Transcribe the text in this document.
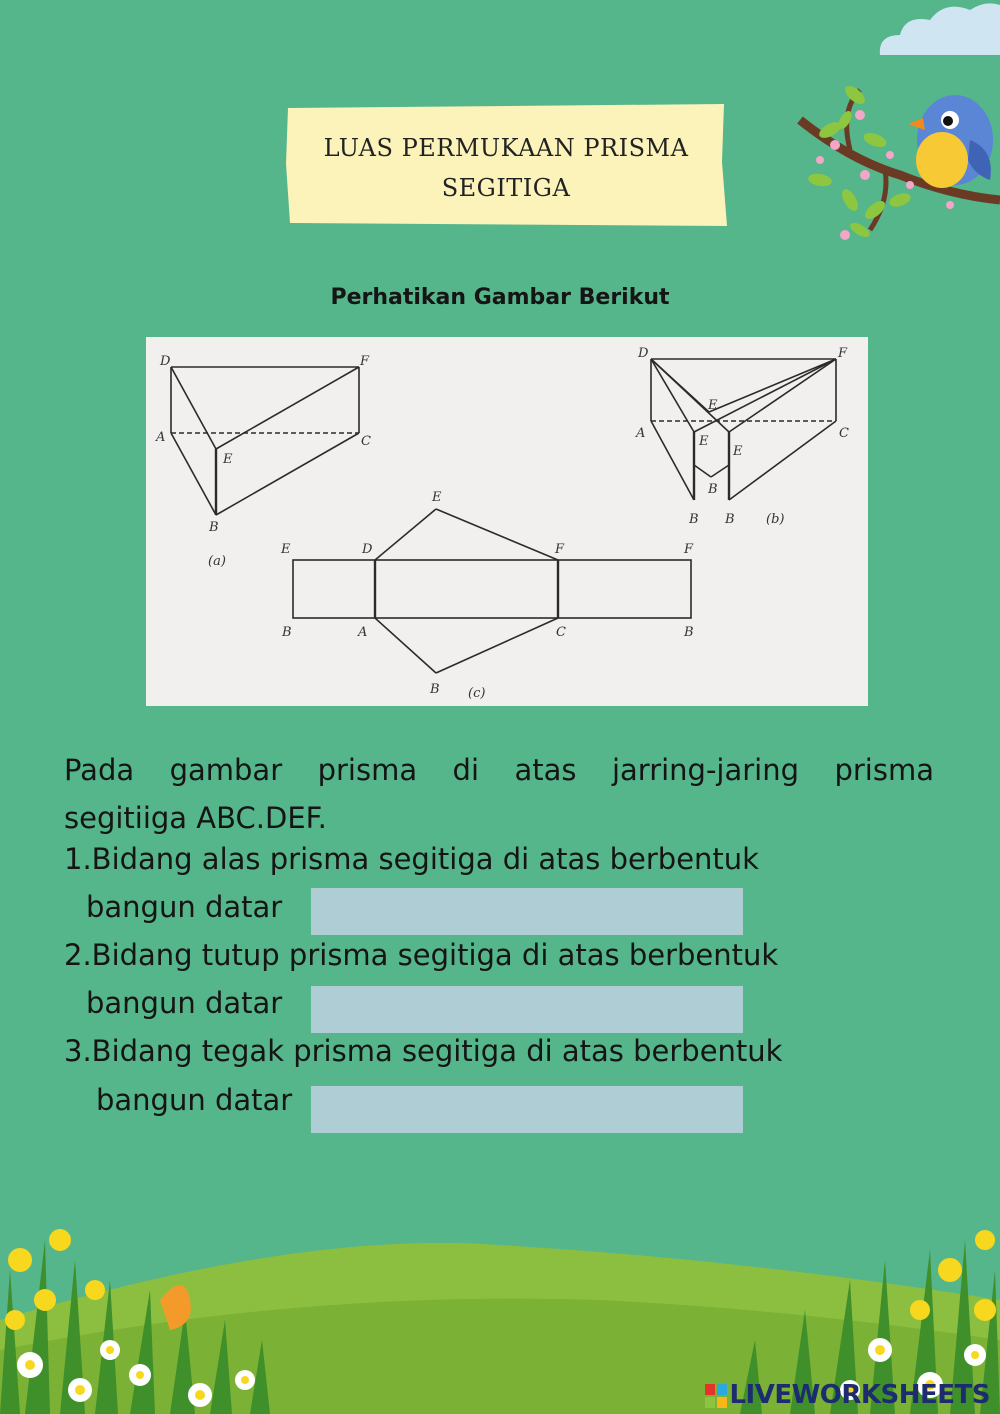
LUAS PERMUKAAN PRISMA
SEGITIGA
Perhatikan Gambar Berikut
D	F
A	C
E
B
(a)
D	F
E
A
E
E
C
B
B B (b)
E	D
E
F	F
B	A	C	B
B (c)
Pada gambar prisma di atas jarring-jaring prisma
segitiiga ABC.DEF.
1.Bidang alas prisma segitiga di atas berbentuk
bangun datar
2.Bidang tutup prisma segitiga di atas berbentuk
bangun datar
3.Bidang tegak prisma segitiga di atas berbentuk
bangun datar
LIVEWORKSHEETS
